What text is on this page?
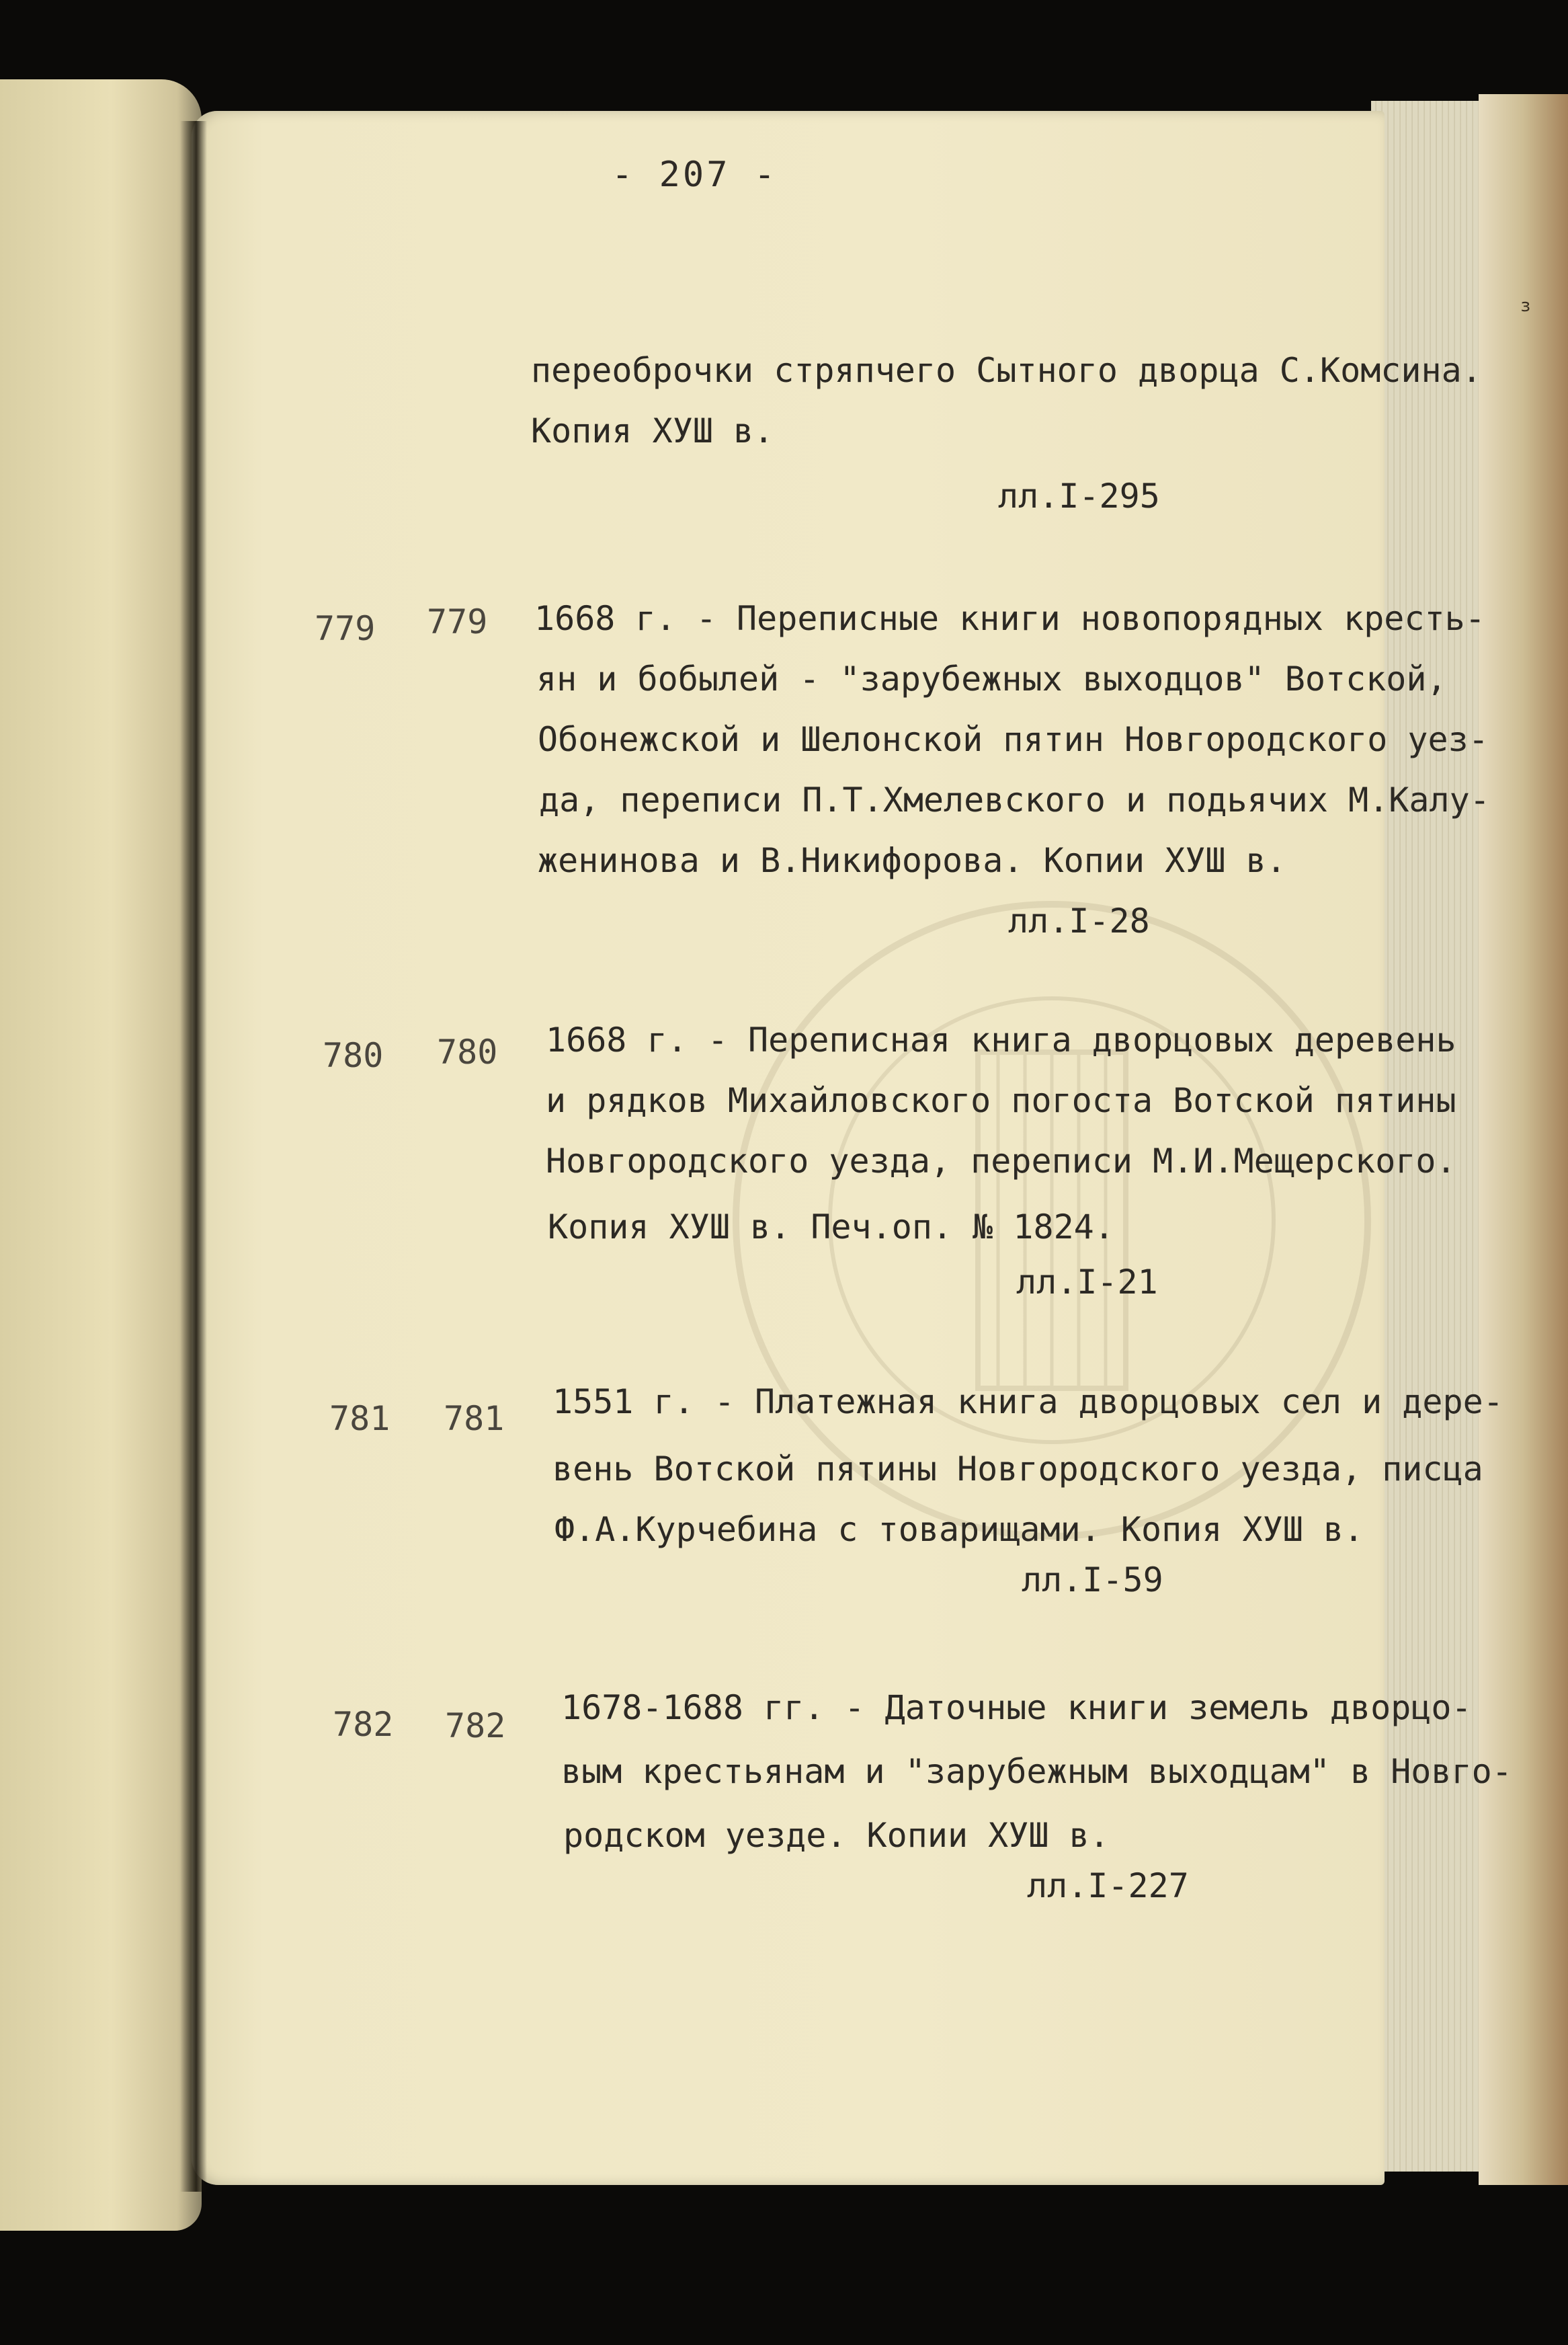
з
- 207 -
переоброчки стряпчего Сытного дворца С.Комсина.
Копия ХУШ в.
лл.I-295
779 779 1668 г. - Переписные книги новопорядных кресть-
ян и бобылей - "зарубежных выходцов" Вотской,
Обонежской и Шелонской пятин Новгородского уез-
да, переписи П.Т.Хмелевского и подьячих М.Калу-
женинова и В.Никифорова. Копии ХУШ в.
лл.I-28
780 780 1668 г. - Переписная книга дворцовых деревень
и рядков Михайловского погоста Вотской пятины
Новгородского уезда, переписи М.И.Мещерского.
Копия ХУШ в. Печ.оп. № 1824.
лл.I-21
781 781 1551 г. - Платежная книга дворцовых сел и дере-
вень Вотской пятины Новгородского уезда, писца
Ф.А.Курчебина с товарищами. Копия ХУШ в.
лл.I-59
782 782 1678-1688 гг. - Даточные книги земель дворцо-
вым крестьянам и "зарубежным выходцам" в Новго-
родском уезде. Копии ХУШ в.
лл.I-227
